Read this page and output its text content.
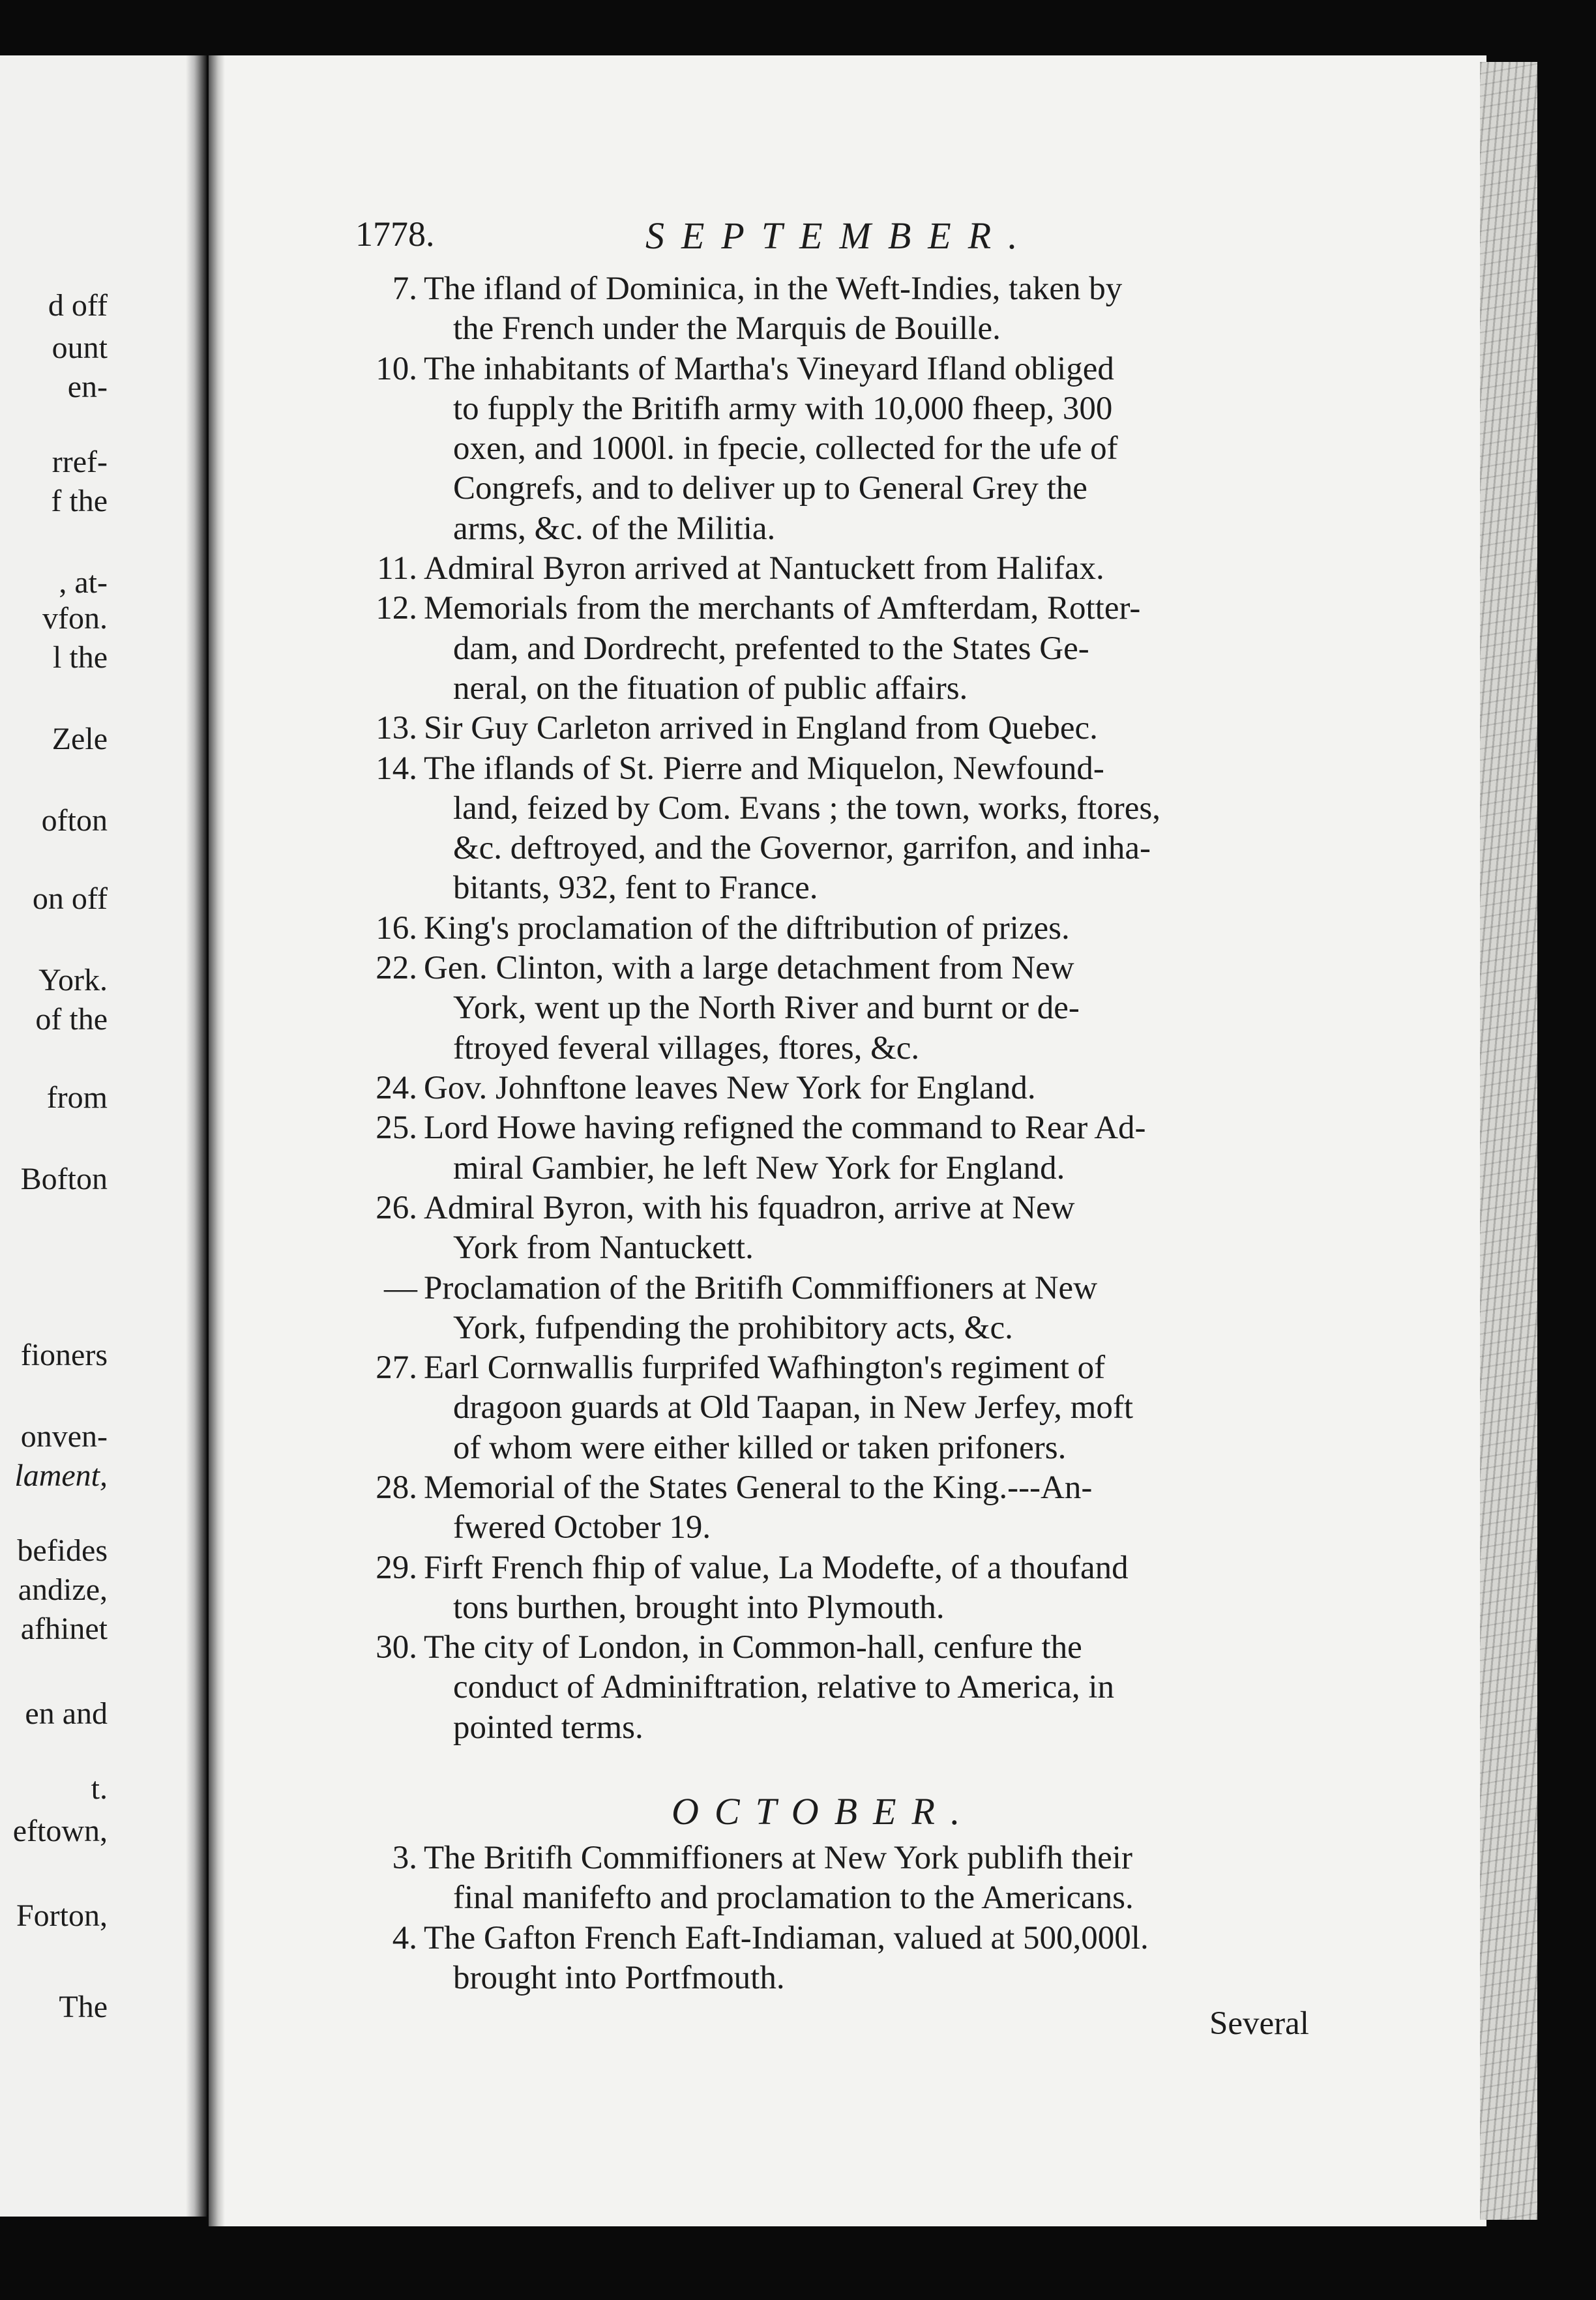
d off
ount
en-
rref-
f the
, at-
vfon.
l the
Zele
ofton
on off
York.
of the
from
Bofton
fioners
onven-
lament,
befides
andize,
afhinet
en and
t.
eftown,
Forton,
The
1778.	SEPTEMBER.
7. The ifland of Dominica, in the Weft-Indies, taken by
the French under the Marquis de Bouille.
10. The inhabitants of Martha's Vineyard Ifland obliged
to fupply the Britifh army with 10,000 fheep, 300
oxen, and 1000l. in fpecie, collected for the ufe of
Congrefs, and to deliver up to General Grey the
arms, &c. of the Militia.
11. Admiral Byron arrived at Nantuckett from Halifax.
12. Memorials from the merchants of Amfterdam, Rotter-
dam, and Dordrecht, prefented to the States Ge-
neral, on the fituation of public affairs.
13. Sir Guy Carleton arrived in England from Quebec.
14. The iflands of St. Pierre and Miquelon, Newfound-
land, feized by Com. Evans ; the town, works, ftores,
&c. deftroyed, and the Governor, garrifon, and inha-
bitants, 932, fent to France.
16. King's proclamation of the diftribution of prizes.
22. Gen. Clinton, with a large detachment from New
York, went up the North River and burnt or de-
ftroyed feveral villages, ftores, &c.
24. Gov. Johnftone leaves New York for England.
25. Lord Howe having refigned the command to Rear Ad-
miral Gambier, he left New York for England.
26. Admiral Byron, with his fquadron, arrive at New
York from Nantuckett.
— Proclamation of the Britifh Commiffioners at New
York, fufpending the prohibitory acts, &c.
27. Earl Cornwallis furprifed Wafhington's regiment of
dragoon guards at Old Taapan, in New Jerfey, moft
of whom were either killed or taken prifoners.
28. Memorial of the States General to the King.---An-
fwered October 19.
29. Firft French fhip of value, La Modefte, of a thoufand
tons burthen, brought into Plymouth.
30. The city of London, in Common-hall, cenfure the
conduct of Adminiftration, relative to America, in
pointed terms.
3. The Britifh Commiffioners at New York publifh their
final manifefto and proclamation to the Americans.
4. The Gafton French Eaft-Indiaman, valued at 500,000l.
brought into Portfmouth.
OCTOBER.
Several
